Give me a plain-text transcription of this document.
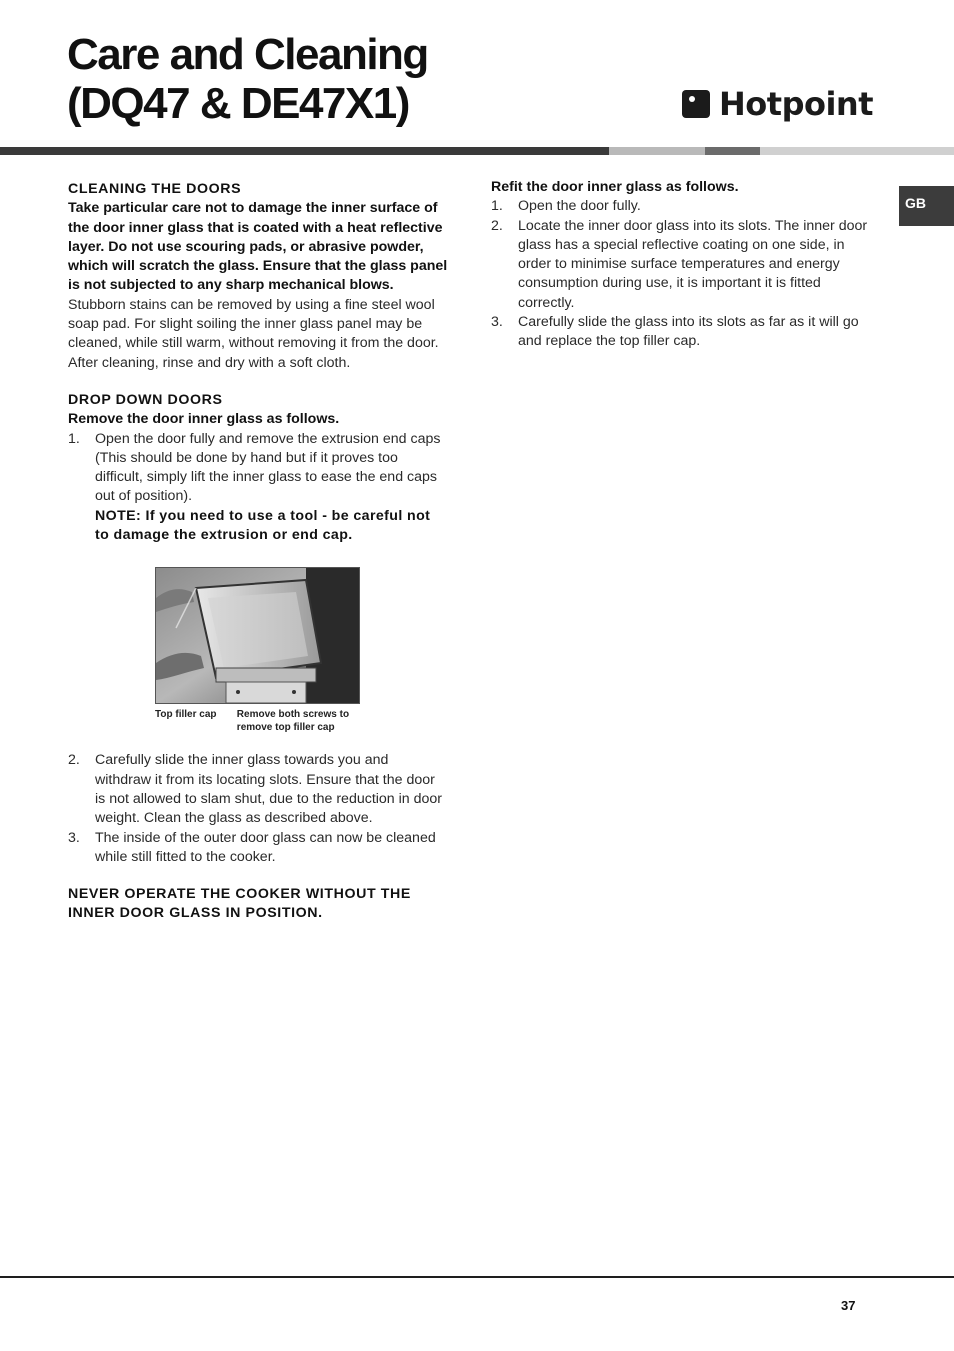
Care and Cleaning
(DQ47 & DE47X1)	Hotpoint
GB

CLEANING THE DOORS

Take particular care not to damage the inner surface of the door inner glass that is coated with a heat reflective layer. Do not use scouring pads, or abrasive powder, which will scratch the glass. Ensure that the glass panel is not subjected to any sharp mechanical blows.

Stubborn stains can be removed by using a fine steel wool soap pad. For slight soiling the inner glass panel may be cleaned, while still warm, without removing it from the door. After cleaning, rinse and dry with a soft cloth.

DROP DOWN DOORS

Remove the door inner glass as follows.

1. Open the door fully and remove the extrusion end caps (This should be done by hand but if it proves too difficult, simply lift the inner glass to ease the end caps out of position).
NOTE: If you need to use a tool - be careful not to damage the extrusion or end cap.
Top filler cap	Remove both screws to remove top filler cap
2. Carefully slide the inner glass towards you and withdraw it from its locating slots. Ensure that the door is not allowed to slam shut, due to the reduction in door weight. Clean the glass as described above.
3. The inside of the outer door glass can now be cleaned while still fitted to the cooker.

NEVER OPERATE THE COOKER WITHOUT THE INNER DOOR GLASS IN POSITION.

Refit the door inner glass as follows.

1. Open the door fully.
2. Locate the inner door glass into its slots. The inner door glass has a special reflective coating on one side, in order to minimise surface temperatures and energy consumption during use, it is important it is fitted correctly.
3. Carefully slide the glass into its slots as far as it will go and replace the top filler cap.
37
